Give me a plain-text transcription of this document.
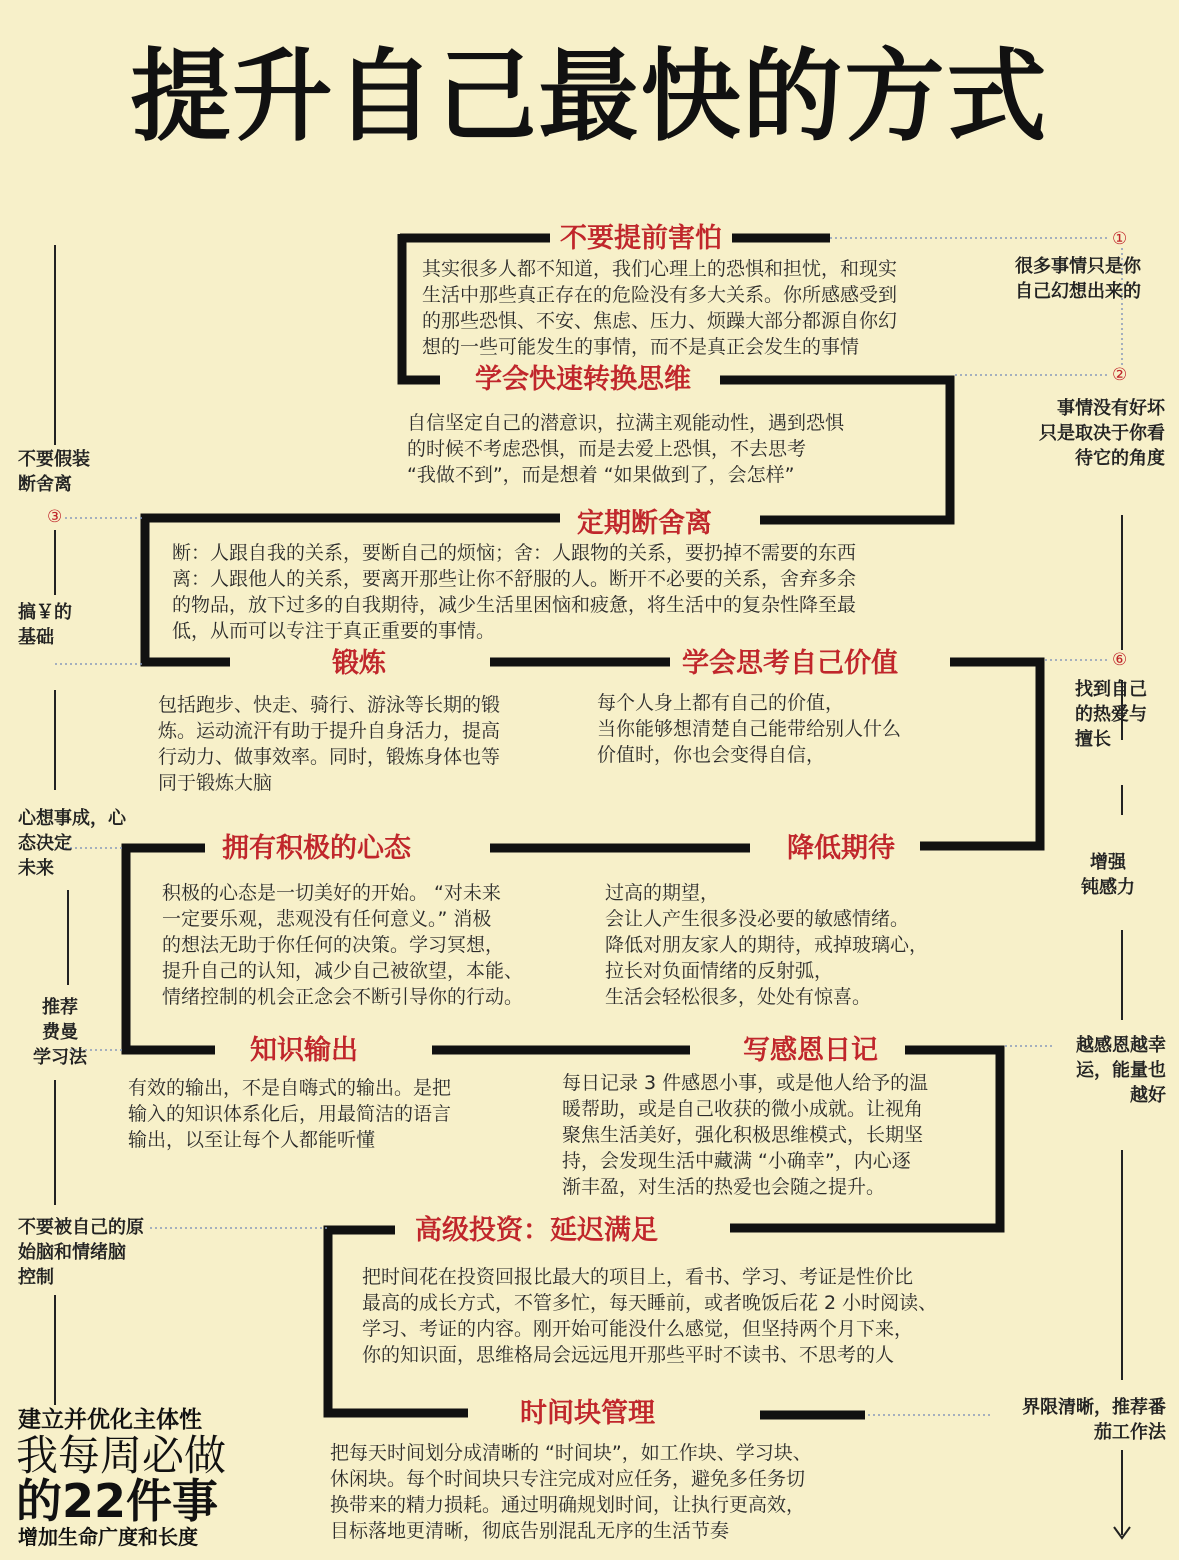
提升自己最快的方式
不要提前害怕
其实很多人都不知道，我们心理上的恐惧和担忧，和现实
生活中那些真正存在的危险没有多大关系。你所感感受到
的那些恐惧、不安、焦虑、压力、烦躁大部分都源自你幻
想的一些可能发生的事情，而不是真正会发生的事情
学会快速转换思维
自信坚定自己的潜意识，拉满主观能动性，遇到恐惧
的时候不考虑恐惧，而是去爱上恐惧，不去思考
“我做不到”，而是想着 “如果做到了，会怎样”
定期断舍离
断：人跟自我的关系，要断自己的烦恼；舍：人跟物的关系，要扔掉不需要的东西
离：人跟他人的关系，要离开那些让你不舒服的人。断开不必要的关系，舍弃多余
的物品，放下过多的自我期待，减少生活里困恼和疲惫，将生活中的复杂性降至最
低，从而可以专注于真正重要的事情。
锻炼
包括跑步、快走、骑行、游泳等长期的锻
炼。运动流汗有助于提升自身活力，提高
行动力、做事效率。同时，锻炼身体也等
同于锻炼大脑
学会思考自己价值
每个人身上都有自己的价值，
当你能够想清楚自己能带给别人什么
价值时，你也会变得自信，
拥有积极的心态
积极的心态是一切美好的开始。 “对未来
一定要乐观，悲观没有任何意义。” 消极
的想法无助于你任何的决策。学习冥想，
提升自己的认知，减少自己被欲望，本能、
情绪控制的机会正念会不断引导你的行动。
降低期待
过高的期望，
会让人产生很多没必要的敏感情绪。
降低对朋友家人的期待，戒掉玻璃心，
拉长对负面情绪的反射弧，
生活会轻松很多，处处有惊喜。
知识输出
有效的输出，不是自嗨式的输出。是把
输入的知识体系化后，用最简洁的语言
输出，以至让每个人都能听懂
写感恩日记
每日记录 3 件感恩小事，或是他人给予的温
暖帮助，或是自己收获的微小成就。让视角
聚焦生活美好，强化积极思维模式，长期坚
持，会发现生活中藏满 “小确幸”，内心逐
渐丰盈，对生活的热爱也会随之提升。
高级投资：延迟满足
把时间花在投资回报比最大的项目上，看书、学习、考证是性价比
最高的成长方式，不管多忙，每天睡前，或者晚饭后花 2 小时阅读、
学习、考证的内容。刚开始可能没什么感觉，但坚持两个月下来，
你的知识面，思维格局会远远甩开那些平时不读书、不思考的人
时间块管理
把每天时间划分成清晰的 “时间块”，如工作块、学习块、
休闲块。每个时间块只专注完成对应任务，避免多任务切
换带来的精力损耗。通过明确规划时间，让执行更高效，
目标落地更清晰，彻底告别混乱无序的生活节奏
①
很多事情只是你
自己幻想出来的
②
事情没有好坏
只是取决于你看
待它的角度
⑥
找到自己
的热爱与
擅长
增强
钝感力
越感恩越幸
运，能量也
越好
界限清晰，推荐番
茄工作法
不要假装
断舍离
③
搞￥的
基础
心想事成，心
态决定
未来
推荐
费曼
学习法
不要被自己的原
始脑和情绪脑
控制
建立并优化主体性
我每周必做
的22件事
增加生命广度和长度
